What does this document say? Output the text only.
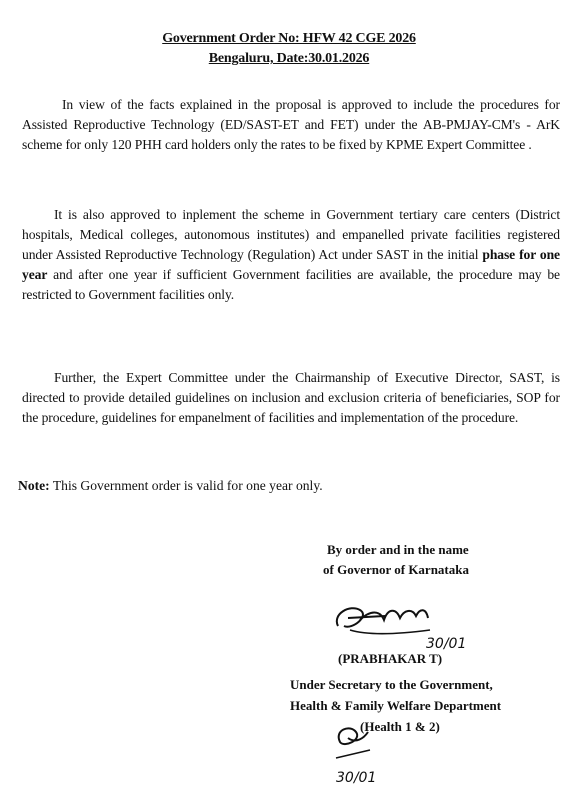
Government Order No: HFW 42 CGE 2026
Bengaluru, Date:30.01.2026
In view of the facts explained in the proposal is approved to include the procedures for Assisted Reproductive Technology (ED/SAST-ET and FET) under the AB-PMJAY-CM's - ArK scheme for only 120 PHH card holders only the rates to be fixed by KPME Expert Committee .
It is also approved to inplement the scheme in Government tertiary care centers (District hospitals, Medical colleges, autonomous institutes) and empanelled private facilities registered under Assisted Reproductive Technology (Regulation) Act under SAST in the initial phase for one year and after one year if sufficient Government facilities are available, the procedure may be restricted to Government facilities only.
Further, the Expert Committee under the Chairmanship of Executive Director, SAST, is directed to provide detailed guidelines on inclusion and exclusion criteria of beneficiaries, SOP for the procedure, guidelines for empanelment of facilities and implementation of the procedure.
Note: This Government order is valid for one year only.
By order and in the name
of Governor of Karnataka
30/01
(PRABHAKAR T)
Under Secretary to the Government,
Health & Family Welfare Department
(Health 1 & 2)
30/01
